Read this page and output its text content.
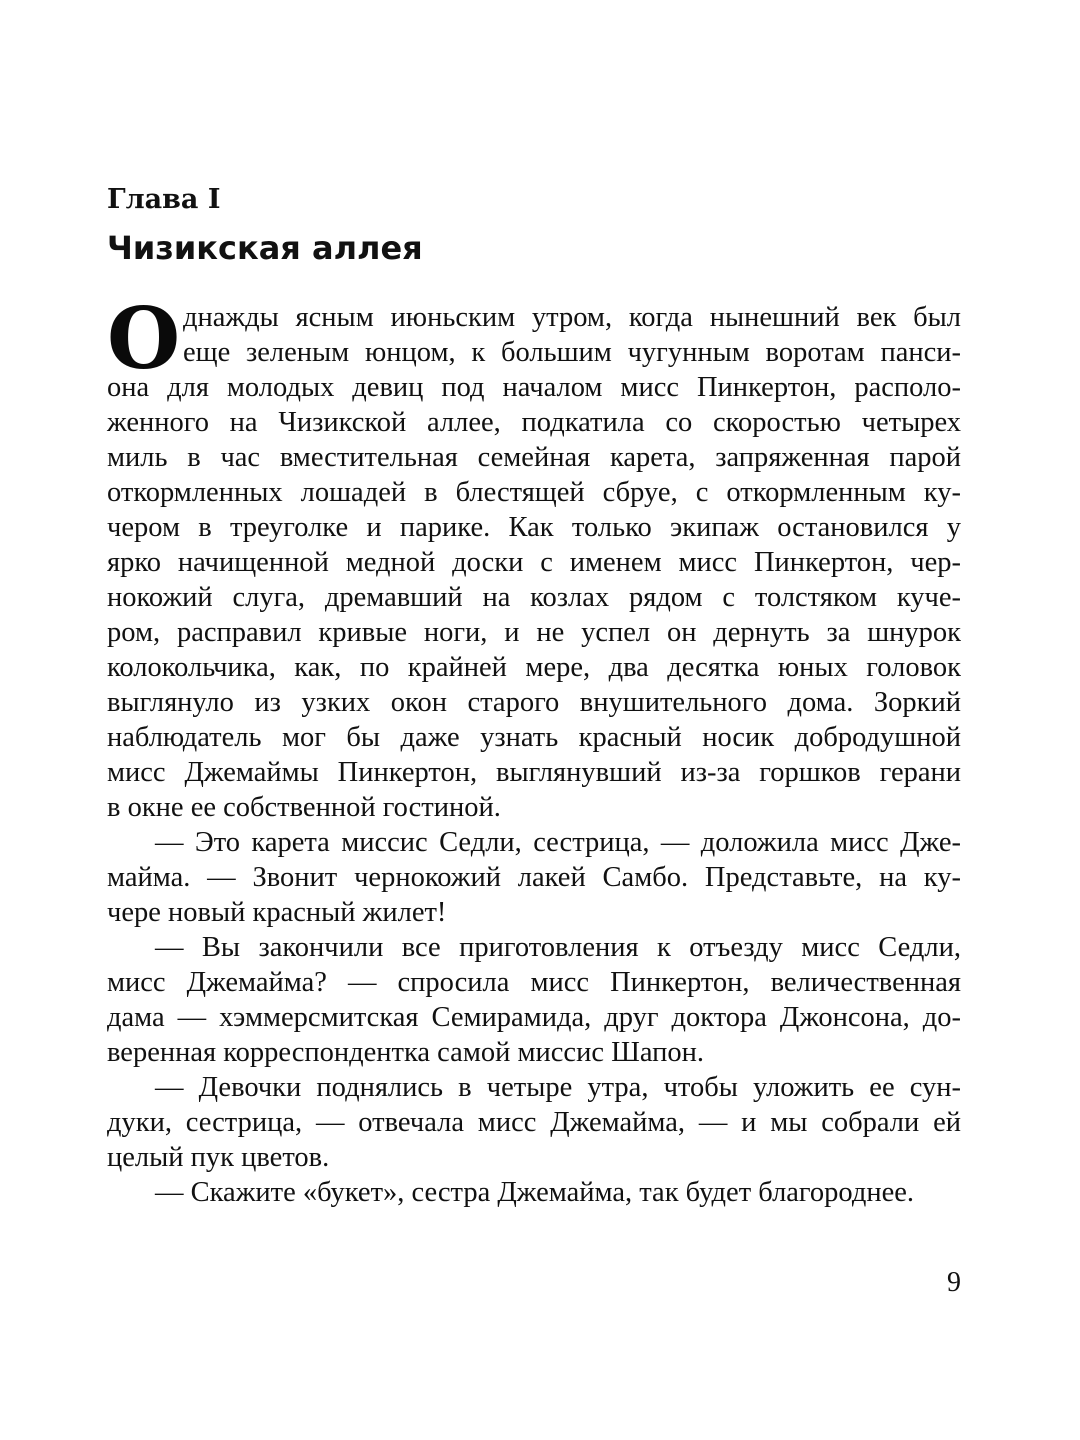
Глава I
Чизикская аллея
О днажды ясным июньским утром, когда нынешний век был
еще зеленым юнцом, к большим чугунным воротам панси-
она для молодых девиц под началом мисс Пинкертон, располо-
женного на Чизикской аллее, подкатила со скоростью четырех
миль в час вместительная семейная карета, запряженная парой
откормленных лошадей в блестящей сбруе, с откормленным ку-
чером в треуголке и парике. Как только экипаж остановился у
ярко начищенной медной доски с именем мисс Пинкертон, чер-
нокожий слуга, дремавший на козлах рядом с толстяком куче-
ром, расправил кривые ноги, и не успел он дернуть за шнурок
колокольчика, как, по крайней мере, два десятка юных головок
выглянуло из узких окон старого внушительного дома. Зоркий
наблюдатель мог бы даже узнать красный носик добродушной
мисс Джемаймы Пинкертон, выглянувший из-за горшков герани
в окне ее собственной гостиной.
— Это карета миссис Седли, сестрица, — доложила мисс Дже-
майма. — Звонит чернокожий лакей Самбо. Представьте, на ку-
чере новый красный жилет!
— Вы закончили все приготовления к отъезду мисс Седли,
мисс Джемайма? — спросила мисс Пинкертон, величественная
дама — хэммерсмитская Семирамида, друг доктора Джонсона, до-
веренная корреспондентка самой миссис Шапон.
— Девочки поднялись в четыре утра, чтобы уложить ее сун-
дуки, сестрица, — отвечала мисс Джемайма, — и мы собрали ей
целый пук цветов.
— Скажите «букет», сестра Джемайма, так будет благороднее.
9
